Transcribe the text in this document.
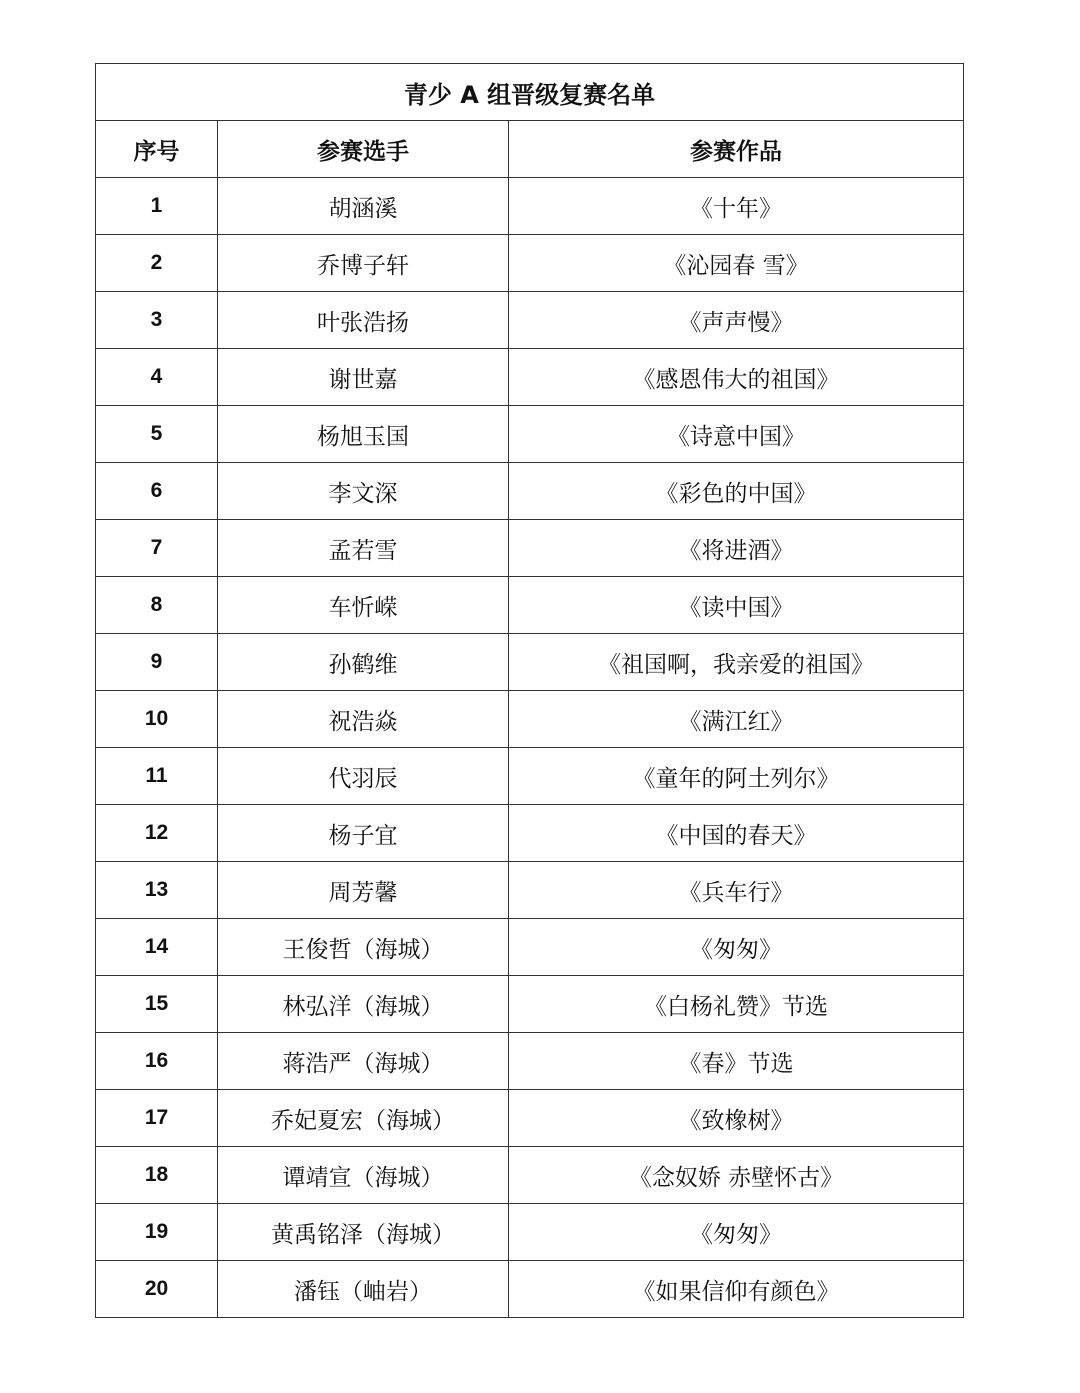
青少 A 组晋级复赛名单		
序号	参赛选手	参赛作品
1	胡涵溪	《十年》
2	乔博子轩	《沁园春 雪》
3	叶张浩扬	《声声慢》
4	谢世嘉	《感恩伟大的祖国》
5	杨旭玉国	《诗意中国》
6	李文深	《彩色的中国》
7	孟若雪	《将进酒》
8	车忻嵘	《读中国》
9	孙鹤维	《祖国啊，我亲爱的祖国》
10	祝浩焱	《满江红》
11	代羽辰	《童年的阿土列尔》
12	杨子宜	《中国的春天》
13	周芳馨	《兵车行》
14	王俊哲（海城）	《匆匆》
15	林弘洋（海城）	《白杨礼赞》节选
16	蒋浩严（海城）	《春》节选
17	乔妃夏宏（海城）	《致橡树》
18	谭靖宣（海城）	《念奴娇 赤壁怀古》
19	黄禹铭泽（海城）	《匆匆》
20	潘钰（岫岩）	《如果信仰有颜色》
